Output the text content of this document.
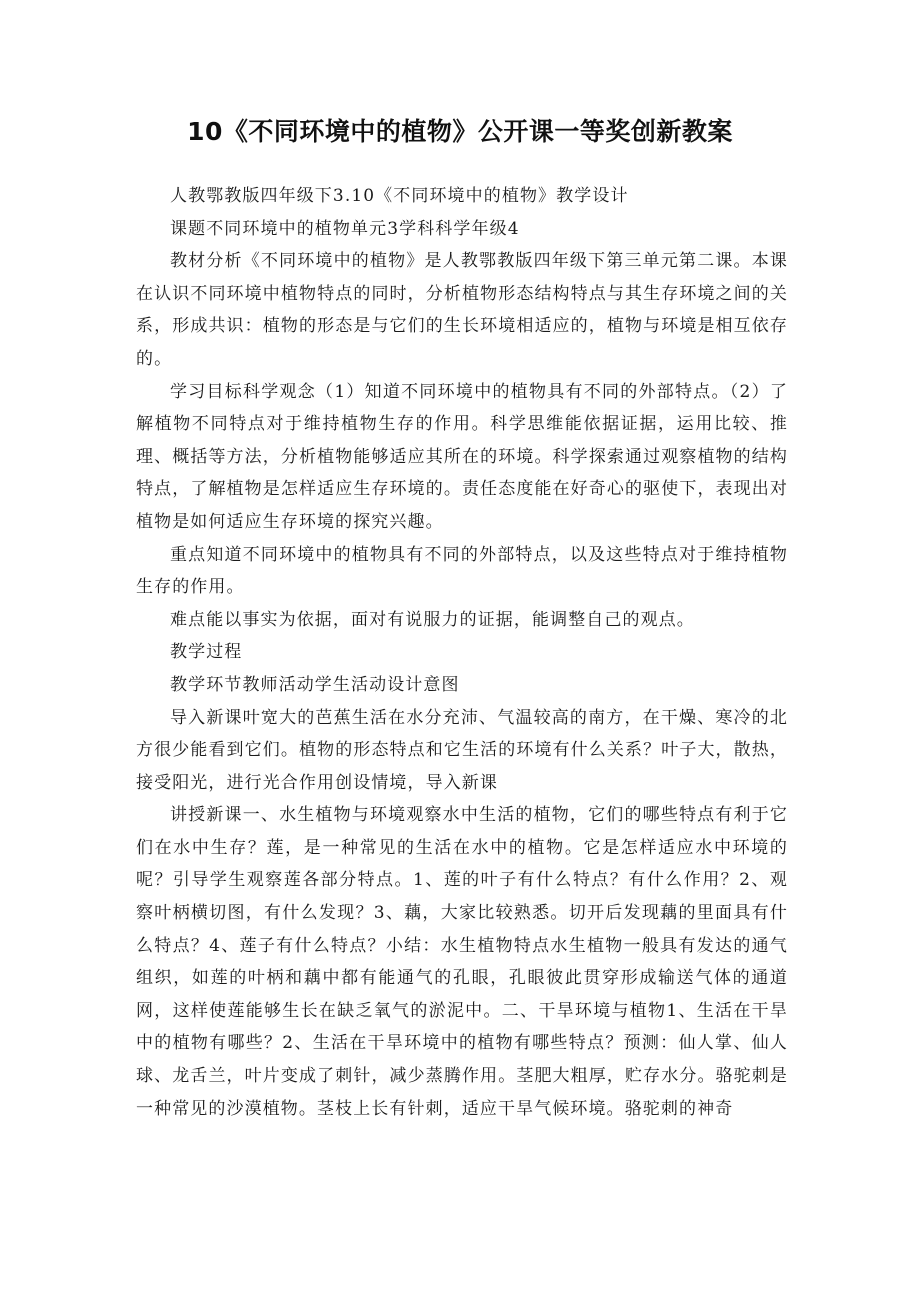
10《不同环境中的植物》公开课一等奖创新教案

人教鄂教版四年级下3.10《不同环境中的植物》教学设计

课题不同环境中的植物单元3学科科学年级4

教材分析《不同环境中的植物》是人教鄂教版四年级下第三单元第二课。本课在认识不同环境中植物特点的同时，分析植物形态结构特点与其生存环境之间的关系，形成共识：植物的形态是与它们的生长环境相适应的，植物与环境是相互依存的。

学习目标科学观念（1）知道不同环境中的植物具有不同的外部特点。（2）了解植物不同特点对于维持植物生存的作用。科学思维能依据证据，运用比较、推理、概括等方法，分析植物能够适应其所在的环境。科学探索通过观察植物的结构特点，了解植物是怎样适应生存环境的。责任态度能在好奇心的驱使下，表现出对植物是如何适应生存环境的探究兴趣。

重点知道不同环境中的植物具有不同的外部特点，以及这些特点对于维持植物生存的作用。

难点能以事实为依据，面对有说服力的证据，能调整自己的观点。

教学过程

教学环节教师活动学生活动设计意图

导入新课叶宽大的芭蕉生活在水分充沛、气温较高的南方，在干燥、寒冷的北方很少能看到它们。植物的形态特点和它生活的环境有什么关系？叶子大，散热，接受阳光，进行光合作用创设情境，导入新课

讲授新课一、水生植物与环境观察水中生活的植物，它们的哪些特点有利于它们在水中生存？莲，是一种常见的生活在水中的植物。它是怎样适应水中环境的呢？引导学生观察莲各部分特点。1、莲的叶子有什么特点？有什么作用？2、观察叶柄横切图，有什么发现？3、藕，大家比较熟悉。切开后发现藕的里面具有什么特点？4、莲子有什么特点？小结：水生植物特点水生植物一般具有发达的通气组织，如莲的叶柄和藕中都有能通气的孔眼，孔眼彼此贯穿形成输送气体的通道网，这样使莲能够生长在缺乏氧气的淤泥中。二、干旱环境与植物1、生活在干旱中的植物有哪些？2、生活在干旱环境中的植物有哪些特点？预测：仙人掌、仙人球、龙舌兰，叶片变成了刺针，减少蒸腾作用。茎肥大粗厚，贮存水分。骆驼刺是一种常见的沙漠植物。茎枝上长有针刺，适应干旱气候环境。骆驼刺的神奇
